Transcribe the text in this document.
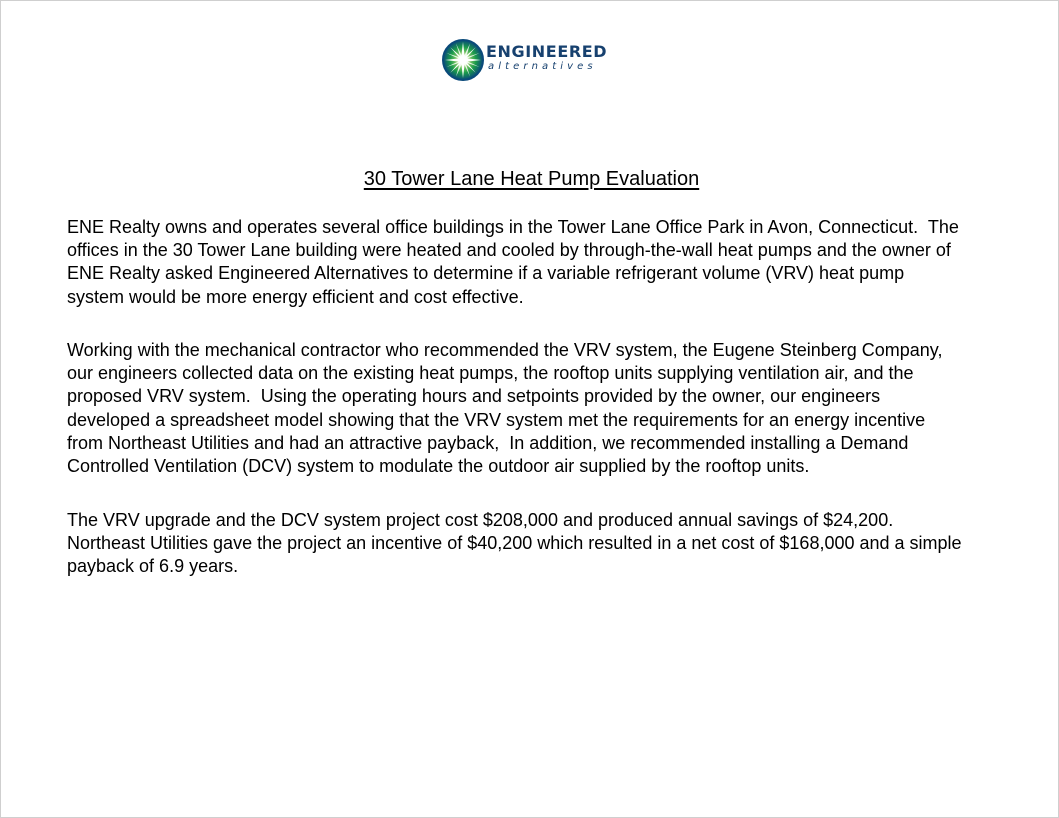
ENGINEERED
alternatives
30 Tower Lane Heat Pump Evaluation
ENE Realty owns and operates several office buildings in the Tower Lane Office Park in Avon, Connecticut.  The
offices in the 30 Tower Lane building were heated and cooled by through-the-wall heat pumps and the owner of
ENE Realty asked Engineered Alternatives to determine if a variable refrigerant volume (VRV) heat pump
system would be more energy efficient and cost effective.
Working with the mechanical contractor who recommended the VRV system, the Eugene Steinberg Company,
our engineers collected data on the existing heat pumps, the rooftop units supplying ventilation air, and the
proposed VRV system.  Using the operating hours and setpoints provided by the owner, our engineers
developed a spreadsheet model showing that the VRV system met the requirements for an energy incentive
from Northeast Utilities and had an attractive payback,  In addition, we recommended installing a Demand
Controlled Ventilation (DCV) system to modulate the outdoor air supplied by the rooftop units.
The VRV upgrade and the DCV system project cost $208,000 and produced annual savings of $24,200.
Northeast Utilities gave the project an incentive of $40,200 which resulted in a net cost of $168,000 and a simple
payback of 6.9 years.
